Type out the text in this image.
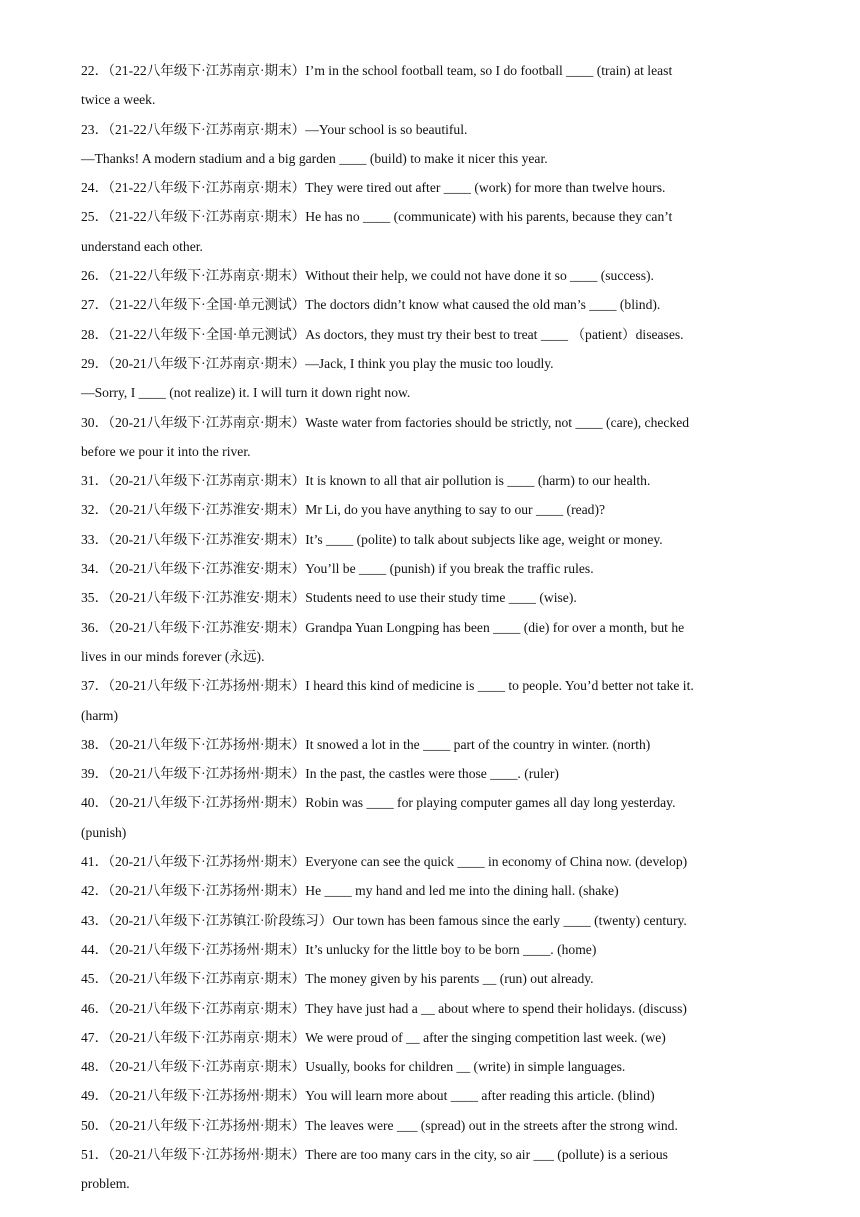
22．（21-22八年级下·江苏南京·期末）I’m in the school football team, so I do football ____ (train) at least
twice a week.
23．（21-22八年级下·江苏南京·期末）—Your school is so beautiful.
—Thanks! A modern stadium and a big garden ____ (build) to make it nicer this year.
24．（21-22八年级下·江苏南京·期末）They were tired out after ____ (work) for more than twelve hours.
25．（21-22八年级下·江苏南京·期末）He has no ____ (communicate) with his parents, because they can’t
understand each other.
26．（21-22八年级下·江苏南京·期末）Without their help, we could not have done it so ____ (success).
27．（21-22八年级下·全国·单元测试）The doctors didn’t know what caused the old man’s ____ (blind).
28．（21-22八年级下·全国·单元测试）As doctors, they must try their best to treat ____ （patient）diseases.
29．（20-21八年级下·江苏南京·期末）—Jack, I think you play the music too loudly.
—Sorry, I ____ (not realize) it. I will turn it down right now.
30．（20-21八年级下·江苏南京·期末）Waste water from factories should be strictly, not ____ (care), checked
before we pour it into the river.
31．（20-21八年级下·江苏南京·期末）It is known to all that air pollution is ____ (harm) to our health.
32．（20-21八年级下·江苏淮安·期末）Mr Li, do you have anything to say to our ____ (read)?
33．（20-21八年级下·江苏淮安·期末）It’s ____ (polite) to talk about subjects like age, weight or money.
34．（20-21八年级下·江苏淮安·期末）You’ll be ____ (punish) if you break the traffic rules.
35．（20-21八年级下·江苏淮安·期末）Students need to use their study time ____ (wise).
36．（20-21八年级下·江苏淮安·期末）Grandpa Yuan Longping has been ____ (die) for over a month, but he
lives in our minds forever (永远).
37．（20-21八年级下·江苏扬州·期末）I heard this kind of medicine is ____ to people. You’d better not take it.
(harm)
38．（20-21八年级下·江苏扬州·期末）It snowed a lot in the ____ part of the country in winter. (north)
39．（20-21八年级下·江苏扬州·期末）In the past, the castles were those ____. (ruler)
40．（20-21八年级下·江苏扬州·期末）Robin was ____ for playing computer games all day long yesterday.
(punish)
41．（20-21八年级下·江苏扬州·期末）Everyone can see the quick ____ in economy of China now. (develop)
42．（20-21八年级下·江苏扬州·期末）He ____ my hand and led me into the dining hall. (shake)
43．（20-21八年级下·江苏镇江·阶段练习）Our town has been famous since the early ____ (twenty) century.
44．（20-21八年级下·江苏扬州·期末）It’s unlucky for the little boy to be born ____. (home)
45．（20-21八年级下·江苏南京·期末）The money given by his parents __ (run) out already.
46．（20-21八年级下·江苏南京·期末）They have just had a __ about where to spend their holidays. (discuss)
47．（20-21八年级下·江苏南京·期末）We were proud of __ after the singing competition last week. (we)
48．（20-21八年级下·江苏南京·期末）Usually, books for children __ (write) in simple languages.
49．（20-21八年级下·江苏扬州·期末）You will learn more about ____ after reading this article. (blind)
50．（20-21八年级下·江苏扬州·期末）The leaves were ___ (spread) out in the streets after the strong wind.
51．（20-21八年级下·江苏扬州·期末）There are too many cars in the city, so air ___ (pollute) is a serious
problem.
